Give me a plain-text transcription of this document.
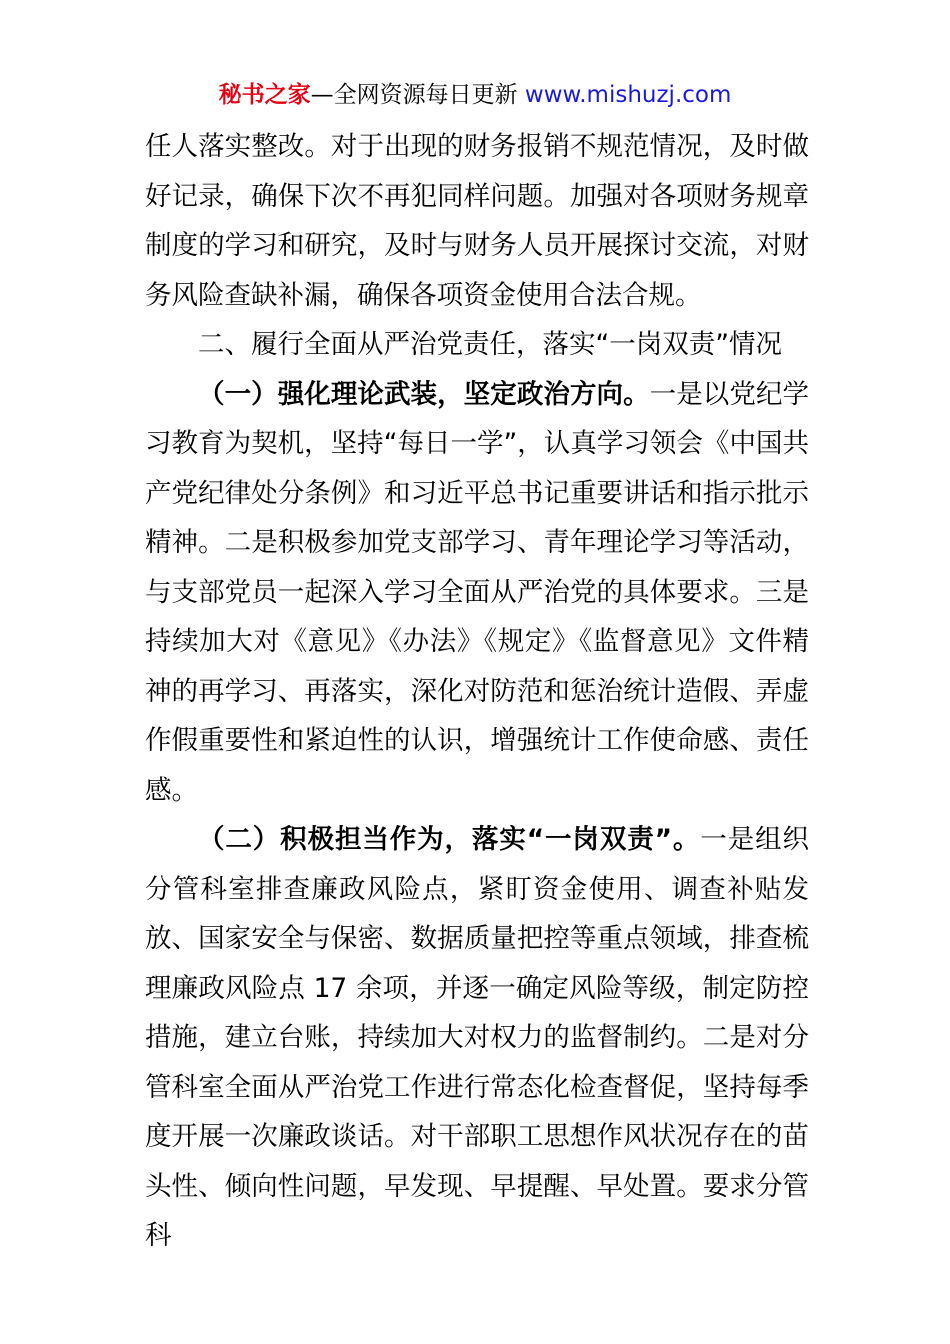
秘书之家—全网资源每日更新 www.mishuzj.com

任人落实整改。对于出现的财务报销不规范情况，及时做好记录，确保下次不再犯同样问题。加强对各项财务规章制度的学习和研究，及时与财务人员开展探讨交流，对财务风险查缺补漏，确保各项资金使用合法合规。

二、履行全面从严治党责任，落实“一岗双责”情况

（一）强化理论武装，坚定政治方向。一是以党纪学习教育为契机，坚持“每日一学”，认真学习领会《中国共产党纪律处分条例》和习近平总书记重要讲话和指示批示精神。二是积极参加党支部学习、青年理论学习等活动，与支部党员一起深入学习全面从严治党的具体要求。三是持续加大对《意见》《办法》《规定》《监督意见》文件精神的再学习、再落实，深化对防范和惩治统计造假、弄虚作假重要性和紧迫性的认识，增强统计工作使命感、责任感。

（二）积极担当作为，落实“一岗双责”。一是组织分管科室排查廉政风险点，紧盯资金使用、调查补贴发放、国家安全与保密、数据质量把控等重点领域，排查梳理廉政风险点 17 余项，并逐一确定风险等级，制定防控措施，建立台账，持续加大对权力的监督制约。二是对分管科室全面从严治党工作进行常态化检查督促，坚持每季度开展一次廉政谈话。对干部职工思想作风状况存在的苗头性、倾向性问题，早发现、早提醒、早处置。要求分管科
